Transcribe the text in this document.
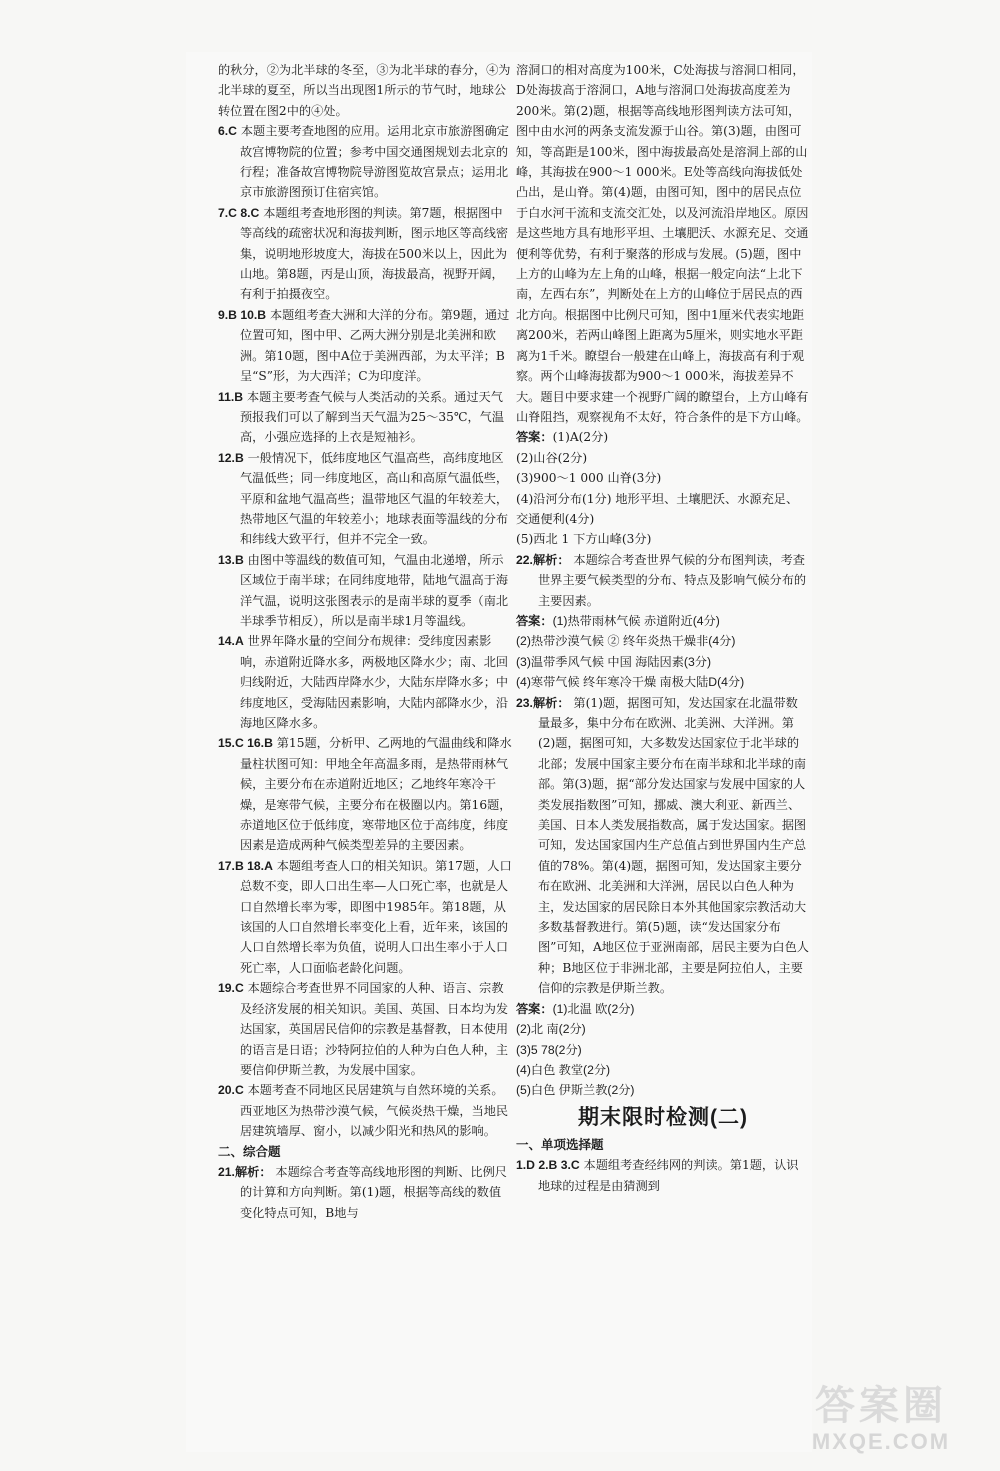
的秋分，②为北半球的冬至，③为北半球的春分，④为北半球的夏至，所以当出现图1所示的节气时，地球公转位置在图2中的④处。
6.C 本题主要考查地图的应用。运用北京市旅游图确定故宫博物院的位置；参考中国交通图规划去北京的行程；准备故宫博物院导游图览故宫景点；运用北京市旅游图预订住宿宾馆。
7.C 8.C 本题组考查地形图的判读。第7题，根据图中等高线的疏密状况和海拔判断，图示地区等高线密集，说明地形坡度大，海拔在500米以上，因此为山地。第8题，丙是山顶，海拔最高，视野开阔，有利于拍摄夜空。
9.B 10.B 本题组考查大洲和大洋的分布。第9题，通过位置可知，图中甲、乙两大洲分别是北美洲和欧洲。第10题，图中A位于美洲西部，为太平洋；B呈“S”形，为大西洋；C为印度洋。
11.B 本题主要考查气候与人类活动的关系。通过天气预报我们可以了解到当天气温为25～35℃，气温高，小强应选择的上衣是短袖衫。
12.B 一般情况下，低纬度地区气温高些，高纬度地区气温低些；同一纬度地区，高山和高原气温低些，平原和盆地气温高些；温带地区气温的年较差大，热带地区气温的年较差小；地球表面等温线的分布和纬线大致平行，但并不完全一致。
13.B 由图中等温线的数值可知，气温由北递增，所示区域位于南半球；在同纬度地带，陆地气温高于海洋气温，说明这张图表示的是南半球的夏季（南北半球季节相反），所以是南半球1月等温线。
14.A 世界年降水量的空间分布规律：受纬度因素影响，赤道附近降水多，两极地区降水少；南、北回归线附近，大陆西岸降水少，大陆东岸降水多；中纬度地区，受海陆因素影响，大陆内部降水少，沿海地区降水多。
15.C 16.B 第15题，分析甲、乙两地的气温曲线和降水量柱状图可知：甲地全年高温多雨，是热带雨林气候，主要分布在赤道附近地区；乙地终年寒冷干燥，是寒带气候，主要分布在极圈以内。第16题，赤道地区位于低纬度，寒带地区位于高纬度，纬度因素是造成两种气候类型差异的主要因素。
17.B 18.A 本题组考查人口的相关知识。第17题，人口总数不变，即人口出生率—人口死亡率，也就是人口自然增长率为零，即图中1985年。第18题，从该国的人口自然增长率变化上看，近年来，该国的人口自然增长率为负值，说明人口出生率小于人口死亡率，人口面临老龄化问题。
19.C 本题综合考查世界不同国家的人种、语言、宗教及经济发展的相关知识。美国、英国、日本均为发达国家，英国居民信仰的宗教是基督教，日本使用的语言是日语；沙特阿拉伯的人种为白色人种，主要信仰伊斯兰教，为发展中国家。
20.C 本题考查不同地区民居建筑与自然环境的关系。西亚地区为热带沙漠气候，气候炎热干燥，当地民居建筑墙厚、窗小，以减少阳光和热风的影响。
二、综合题
21.解析： 本题综合考查等高线地形图的判断、比例尺的计算和方向判断。第(1)题，根据等高线的数值变化特点可知，B地与
溶洞口的相对高度为100米，C处海拔与溶洞口相同，D处海拔高于溶洞口，A地与溶洞口处海拔高度差为200米。第(2)题，根据等高线地形图判读方法可知，图中由水河的两条支流发源于山谷。第(3)题，由图可知，等高距是100米，图中海拔最高处是溶洞上部的山峰，其海拔在900～1 000米。E处等高线向海拔低处凸出，是山脊。第(4)题，由图可知，图中的居民点位于白水河干流和支流交汇处，以及河流沿岸地区。原因是这些地方具有地形平坦、土壤肥沃、水源充足、交通便利等优势，有利于聚落的形成与发展。(5)题，图中上方的山峰为左上角的山峰，根据一般定向法“上北下南，左西右东”，判断处在上方的山峰位于居民点的西北方向。根据图中比例尺可知，图中1厘米代表实地距离200米，若两山峰图上距离为5厘米，则实地水平距离为1千米。瞭望台一般建在山峰上，海拔高有利于观察。两个山峰海拔都为900～1 000米，海拔差异不大。题目中要求建一个视野广阔的瞭望台，上方山峰有山脊阻挡，观察视角不太好，符合条件的是下方山峰。
答案：(1)A(2分)
(2)山谷(2分)
(3)900～1 000 山脊(3分)
(4)沿河分布(1分) 地形平坦、土壤肥沃、水源充足、交通便利(4分)
(5)西北 1 下方山峰(3分)
22.解析： 本题综合考查世界气候的分布图判读，考查世界主要气候类型的分布、特点及影响气候分布的主要因素。
答案：(1)热带雨林气候 赤道附近(4分)
(2)热带沙漠气候 ② 终年炎热干燥非(4分)
(3)温带季风气候 中国 海陆因素(3分)
(4)寒带气候 终年寒冷干燥 南极大陆D(4分)
23.解析： 第(1)题，据图可知，发达国家在北温带数量最多，集中分布在欧洲、北美洲、大洋洲。第(2)题，据图可知，大多数发达国家位于北半球的北部；发展中国家主要分布在南半球和北半球的南部。第(3)题，据“部分发达国家与发展中国家的人类发展指数图”可知，挪威、澳大利亚、新西兰、美国、日本人类发展指数高，属于发达国家。据图可知，发达国家国内生产总值占到世界国内生产总值的78%。第(4)题，据图可知，发达国家主要分布在欧洲、北美洲和大洋洲，居民以白色人种为主，发达国家的居民除日本外其他国家宗教活动大多数基督教进行。第(5)题，读“发达国家分布图”可知，A地区位于亚洲南部，居民主要为白色人种；B地区位于非洲北部，主要是阿拉伯人，主要信仰的宗教是伊斯兰教。
答案：(1)北温 欧(2分)
(2)北 南(2分)
(3)5 78(2分)
(4)白色 教堂(2分)
(5)白色 伊斯兰教(2分)
期末限时检测(二)
一、单项选择题
1.D 2.B 3.C 本题组考查经纬网的判读。第1题，认识地球的过程是由猜测到
答案圈
MXQE.COM
